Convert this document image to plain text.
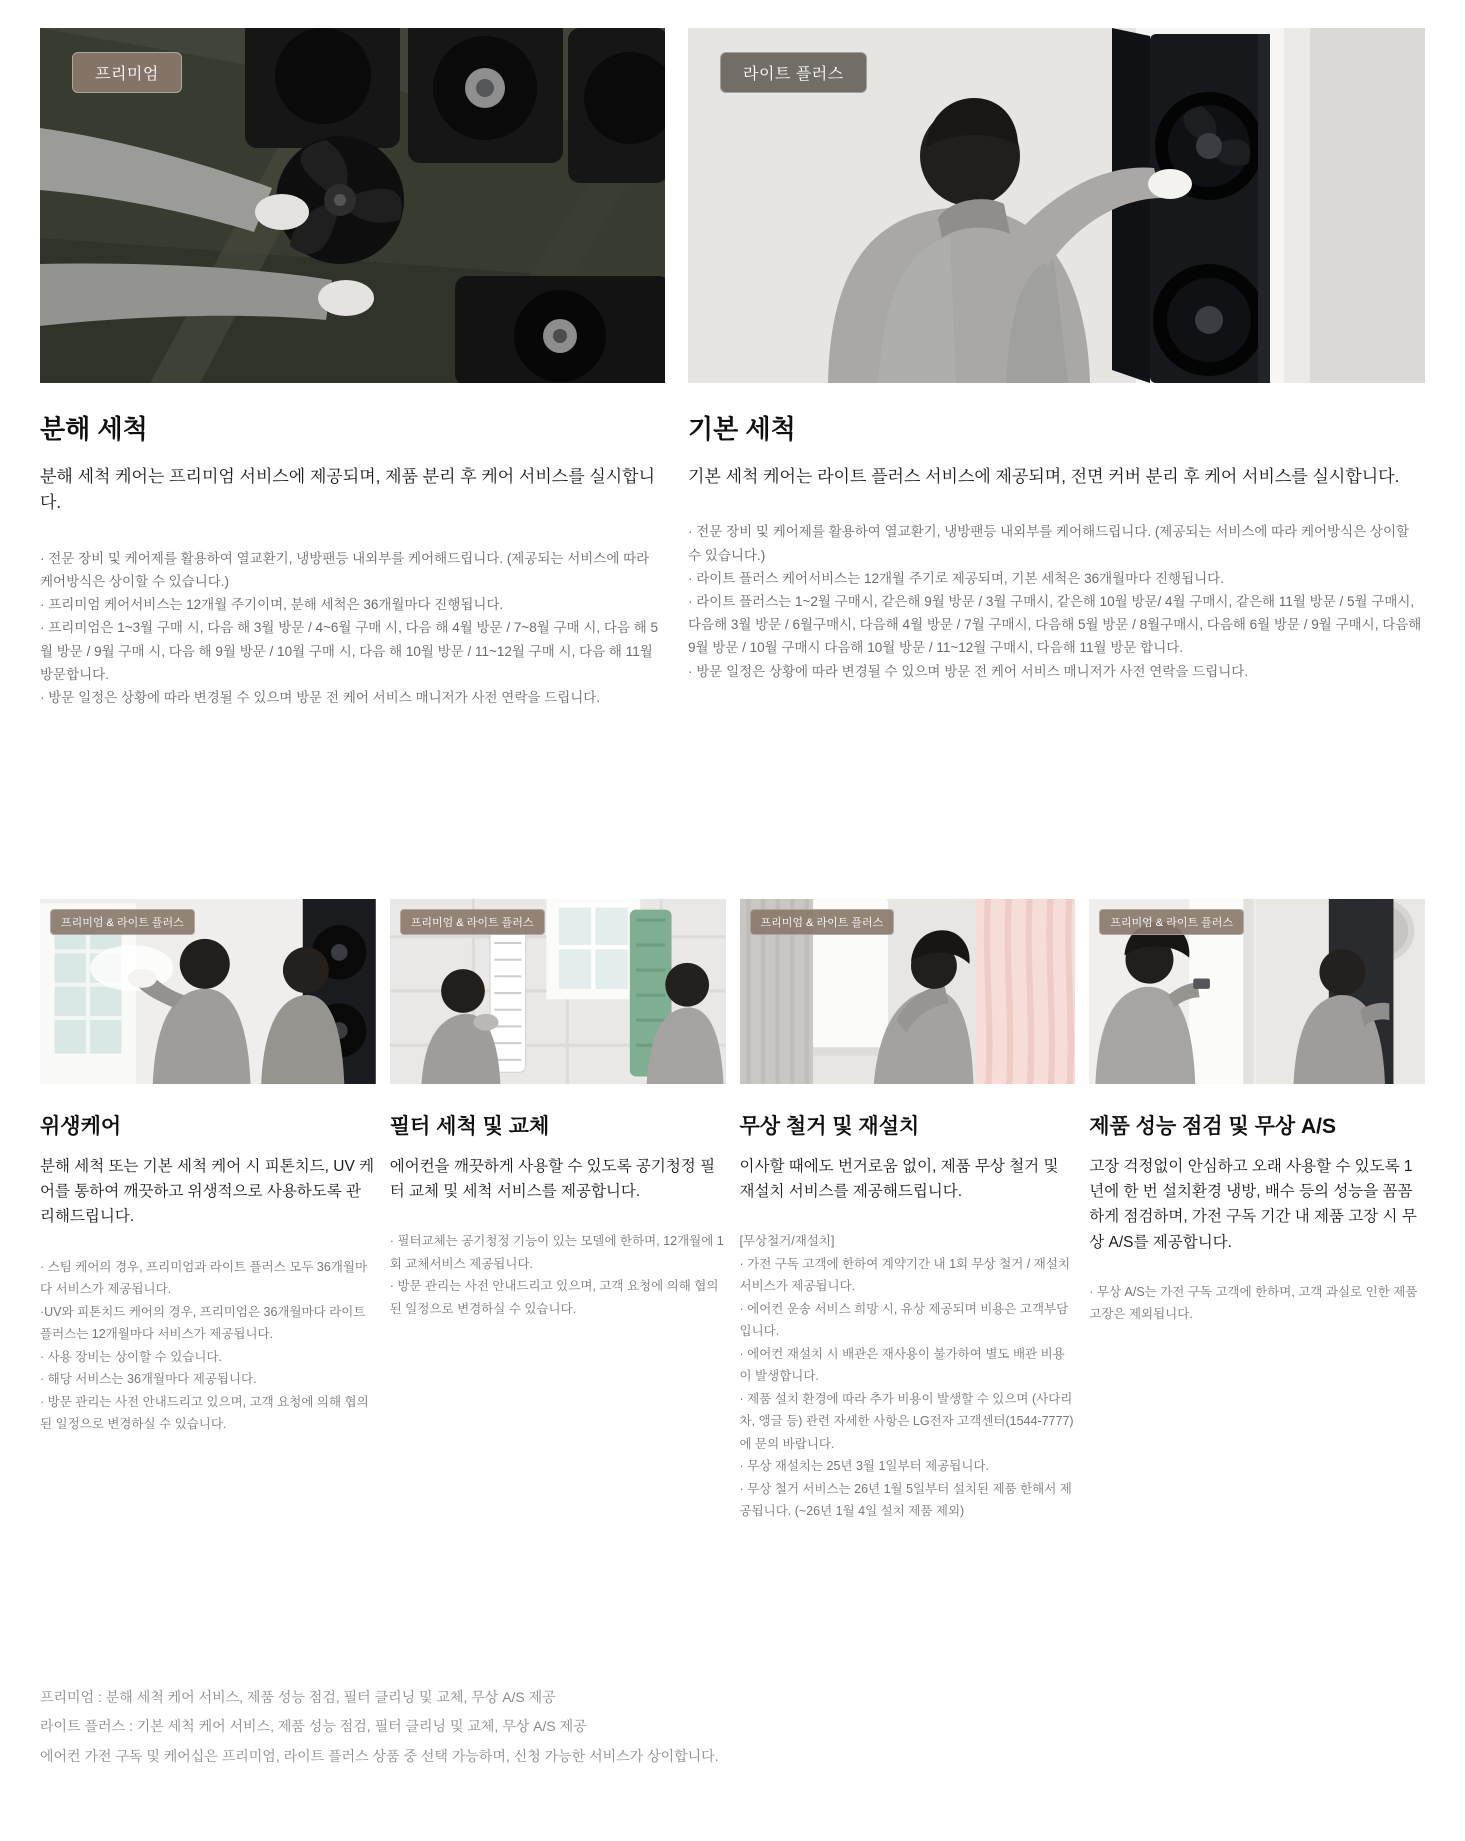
프리미엄
분해 세척

분해 세척 케어는 프리미엄 서비스에 제공되며, 제품 분리 후 케어 서비스를 실시합니다.

· 전문 장비 및 케어제를 활용하여 열교환기, 냉방팬등 내외부를 케어해드립니다. (제공되는 서비스에 따라 케어방식은 상이할 수 있습니다.)

· 프리미엄 케어서비스는 12개월 주기이며, 분해 세척은 36개월마다 진행됩니다.

· 프리미엄은 1~3월 구매 시, 다음 해 3월 방문 / 4~6월 구매 시, 다음 해 4월 방문 / 7~8월 구매 시, 다음 해 5월 방문 / 9월 구매 시, 다음 해 9월 방문 / 10월 구매 시, 다음 해 10월 방문 / 11~12월 구매 시, 다음 해 11월 방문합니다.

· 방문 일정은 상황에 따라 변경될 수 있으며 방문 전 케어 서비스 매니저가 사전 연락을 드립니다.

라이트 플러스
기본 세척

기본 세척 케어는 라이트 플러스 서비스에 제공되며, 전면 커버 분리 후 케어 서비스를 실시합니다.

· 전문 장비 및 케어제를 활용하여 열교환기, 냉방팬등 내외부를 케어해드립니다. (제공되는 서비스에 따라 케어방식은 상이할 수 있습니다.)

· 라이트 플러스 케어서비스는 12개월 주기로 제공되며, 기본 세척은 36개월마다 진행됩니다.

· 라이트 플러스는 1~2월 구매시, 같은해 9월 방문 / 3월 구매시, 같은해 10월 방문/ 4월 구매시, 같은해 11월 방문 / 5월 구매시, 다음해 3월 방문 / 6월구매시, 다음해 4월 방문 / 7월 구매시, 다음해 5월 방문 / 8월구매시, 다음해 6월 방문 / 9월 구매시, 다음해 9월 방문 / 10월 구매시 다음해 10월 방문 / 11~12월 구매시, 다음해 11월 방문 합니다.

· 방문 일정은 상황에 따라 변경될 수 있으며 방문 전 케어 서비스 매니저가 사전 연락을 드립니다.

프리미엄 & 라이트 플러스
위생케어

분해 세척 또는 기본 세척 케어 시 피톤치드, UV 케어를 통하여 깨끗하고 위생적으로 사용하도록 관리해드립니다.

· 스팀 케어의 경우, 프리미엄과 라이트 플러스 모두 36개월마다 서비스가 제공됩니다.

·UV와 피톤치드 케어의 경우, 프리미엄은 36개월마다 라이트플러스는 12개월마다 서비스가 제공됩니다.

· 사용 장비는 상이할 수 있습니다.

· 해당 서비스는 36개월마다 제공됩니다.

· 방문 관리는 사전 안내드리고 있으며, 고객 요청에 의해 협의된 일정으로 변경하실 수 있습니다.

프리미엄 & 라이트 플러스
필터 세척 및 교체

에어컨을 깨끗하게 사용할 수 있도록 공기청정 필터 교체 및 세척 서비스를 제공합니다.

· 필터교체는 공기청정 기능이 있는 모델에 한하며, 12개월에 1회 교체서비스 제공됩니다.

· 방문 관리는 사전 안내드리고 있으며, 고객 요청에 의해 협의된 일정으로 변경하실 수 있습니다.

프리미엄 & 라이트 플러스
무상 철거 및 재설치

이사할 때에도 번거로움 없이, 제품 무상 철거 및 재설치 서비스를 제공해드립니다.

[무상철거/재설치]

· 가전 구독 고객에 한하여 계약기간 내 1회 무상 철거 / 재설치 서비스가 제공됩니다.

· 에어컨 운송 서비스 희망 시, 유상 제공되며 비용은 고객부담입니다.

· 에어컨 재설치 시 배관은 재사용이 불가하여 별도 배관 비용이 발생합니다.

· 제품 설치 환경에 따라 추가 비용이 발생할 수 있으며 (사다리차, 앵글 등) 관련 자세한 사항은 LG전자 고객센터(1544-7777)에 문의 바랍니다.

· 무상 재설치는 25년 3월 1일부터 제공됩니다.

· 무상 철거 서비스는 26년 1월 5일부터 설치된 제품 한해서 제공됩니다. (~26년 1월 4일 설치 제품 제외)

프리미엄 & 라이트 플러스
제품 성능 점검 및 무상 A/S

고장 걱정없이 안심하고 오래 사용할 수 있도록 1년에 한 번 설치환경 냉방, 배수 등의 성능을 꼼꼼하게 점검하며, 가전 구독 기간 내 제품 고장 시 무상 A/S를 제공합니다.

· 무상 A/S는 가전 구독 고객에 한하며, 고객 과실로 인한 제품 고장은 제외됩니다.

프리미엄 : 분해 세척 케어 서비스, 제품 성능 점검, 필터 클리닝 및 교체, 무상 A/S 제공

라이트 플러스 : 기본 세척 케어 서비스, 제품 성능 점검, 필터 클리닝 및 교체, 무상 A/S 제공

에어컨 가전 구독 및 케어십은 프리미엄, 라이트 플러스 상품 중 선택 가능하며, 신청 가능한 서비스가 상이합니다.
